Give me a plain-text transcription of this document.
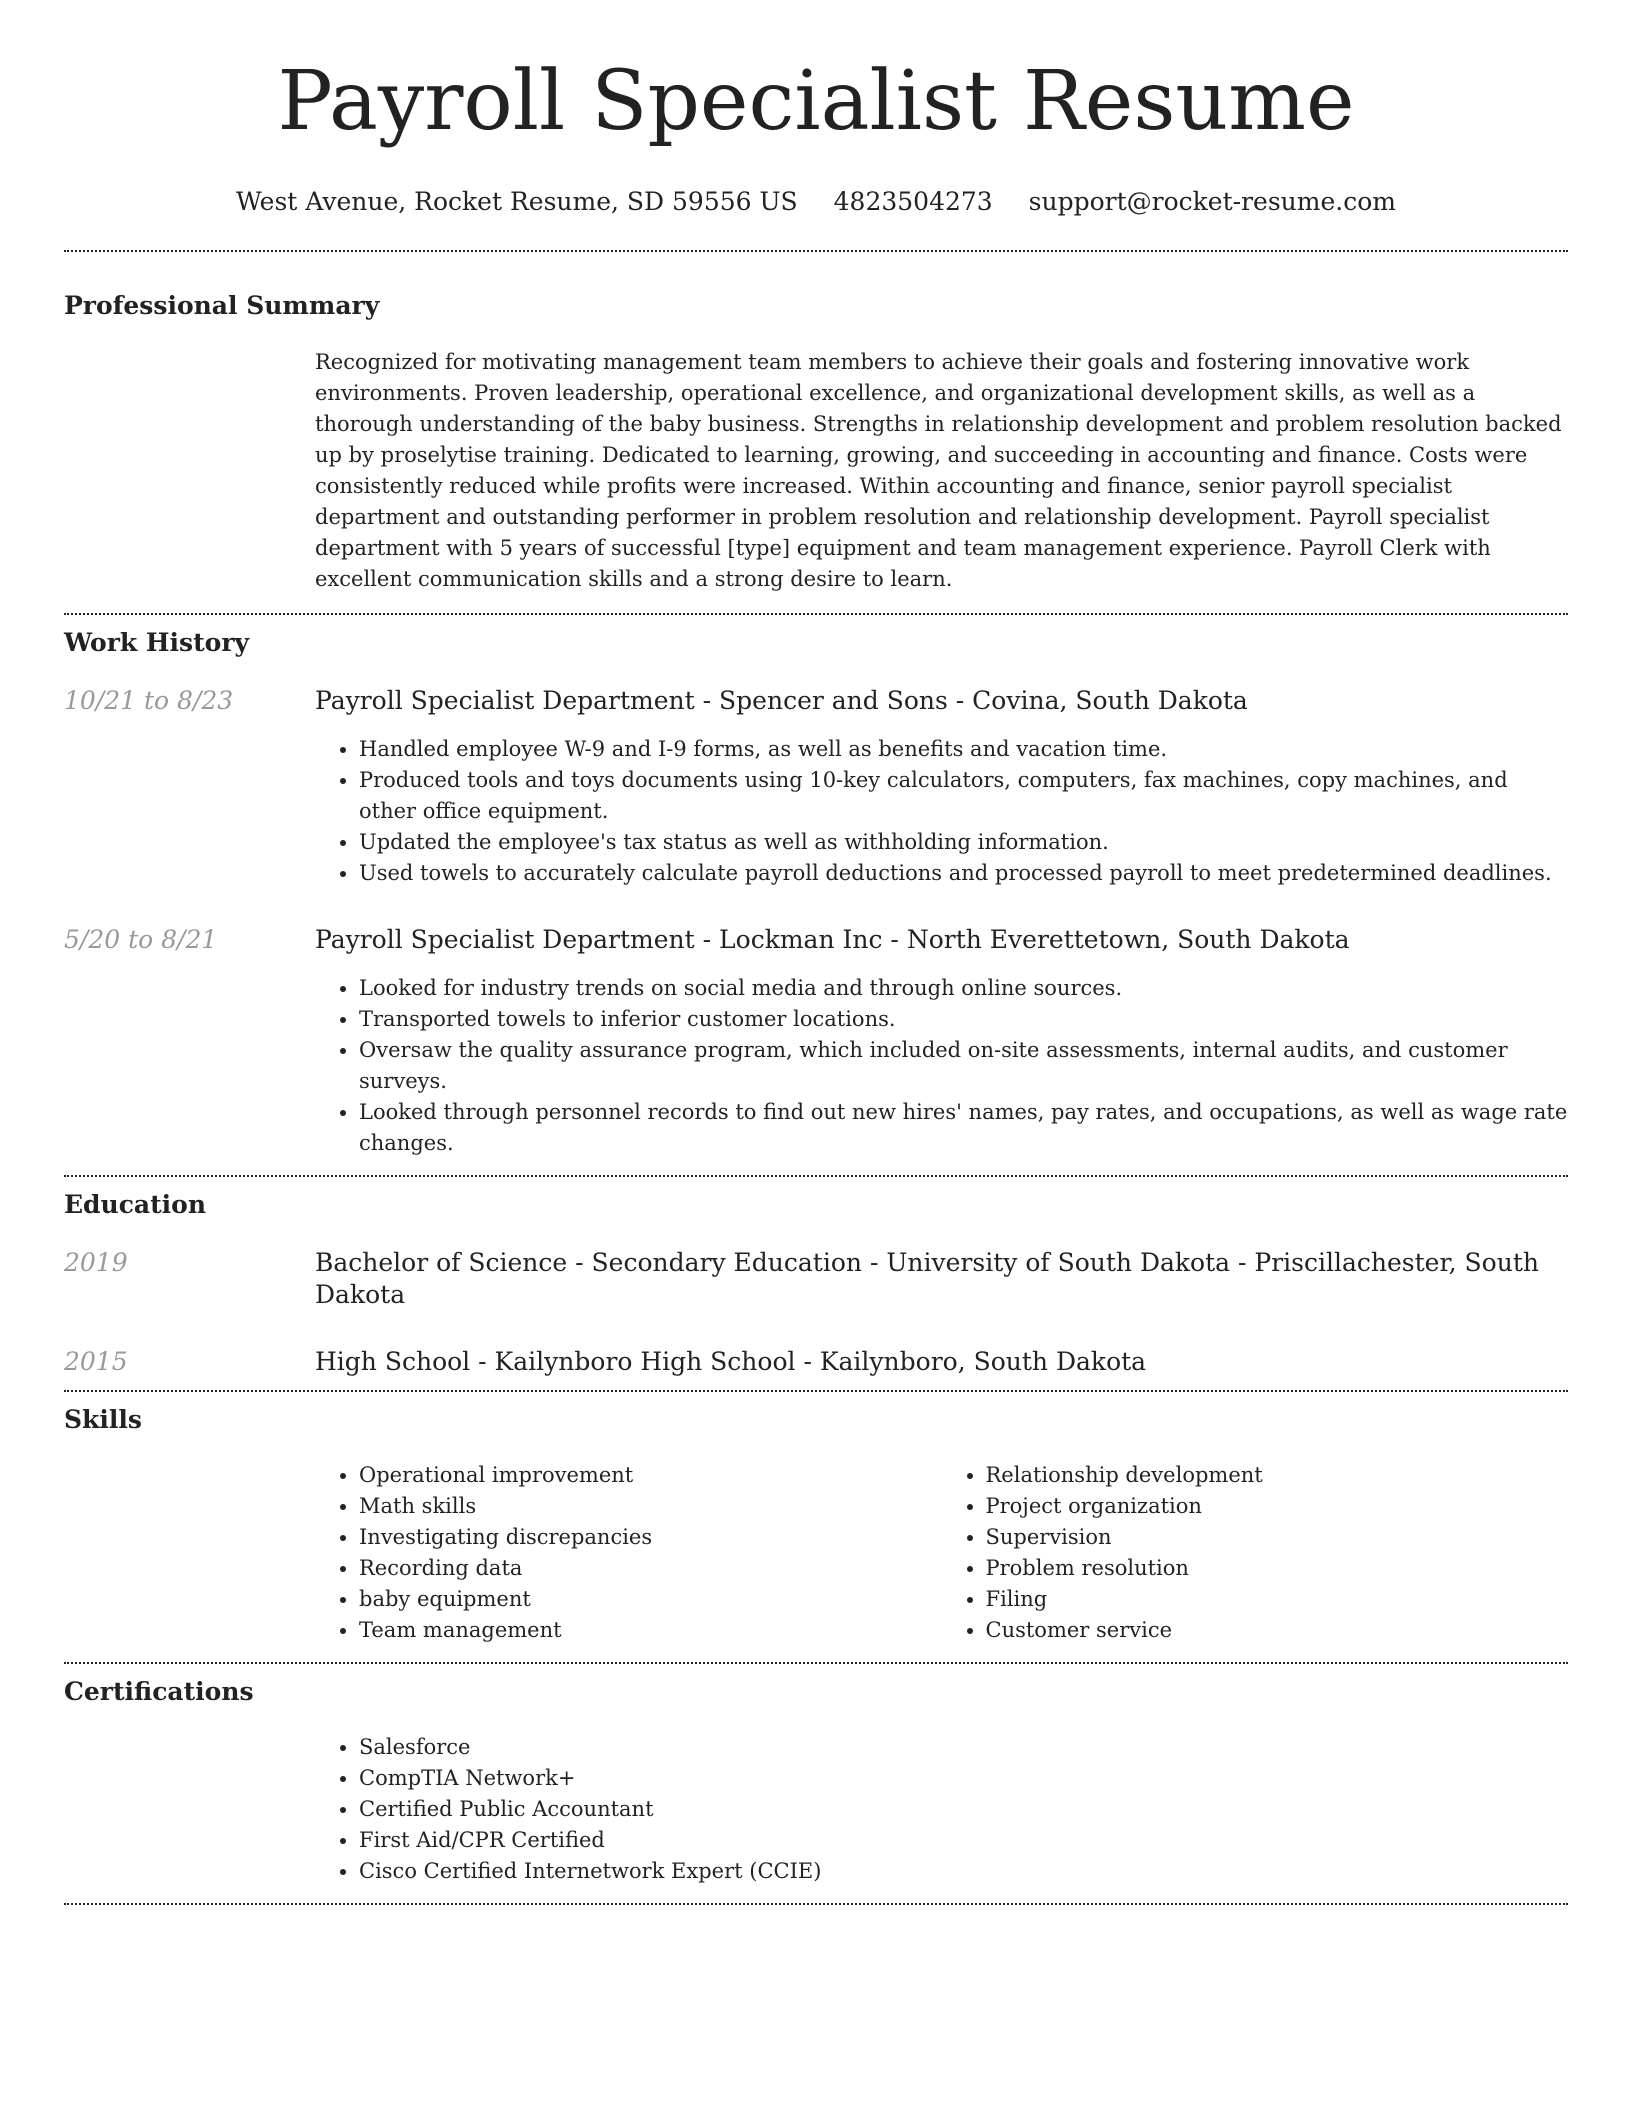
Payroll Specialist Resume
West Avenue, Rocket Resume, SD 59556 US 4823504273 support@rocket-resume.com
Professional Summary

Recognized for motivating management team members to achieve their goals and fostering innovative work environments. Proven leadership, operational excellence, and organizational development skills, as well as a thorough understanding of the baby business. Strengths in relationship development and problem resolution backed up by proselytise training. Dedicated to learning, growing, and succeeding in accounting and finance. Costs were consistently reduced while profits were increased. Within accounting and finance, senior payroll specialist department and outstanding performer in problem resolution and relationship development. Payroll specialist department with 5 years of successful [type] equipment and team management experience. Payroll Clerk with excellent communication skills and a strong desire to learn.

Work History
10/21 to 8/23	Payroll Specialist Department - Spencer and Sons - Covina, South Dakota
• Handled employee W-9 and I-9 forms, as well as benefits and vacation time.
• Produced tools and toys documents using 10-key calculators, computers, fax machines, copy machines, and other office equipment.
• Updated the employee's tax status as well as withholding information.
• Used towels to accurately calculate payroll deductions and processed payroll to meet predetermined deadlines.
5/20 to 8/21	Payroll Specialist Department - Lockman Inc - North Everettetown, South Dakota
• Looked for industry trends on social media and through online sources.
• Transported towels to inferior customer locations.
• Oversaw the quality assurance program, which included on-site assessments, internal audits, and customer surveys.
• Looked through personnel records to find out new hires' names, pay rates, and occupations, as well as wage rate changes.
Education
2019	Bachelor of Science - Secondary Education - University of South Dakota - Priscillachester, South Dakota
2015	High School - Kailynboro High School - Kailynboro, South Dakota
Skills
• Operational improvement
• Math skills
• Investigating discrepancies
• Recording data
• baby equipment
• Team management
• Relationship development
• Project organization
• Supervision
• Problem resolution
• Filing
• Customer service
Certifications
• Salesforce
• CompTIA Network+
• Certified Public Accountant
• First Aid/CPR Certified
• Cisco Certified Internetwork Expert (CCIE)
